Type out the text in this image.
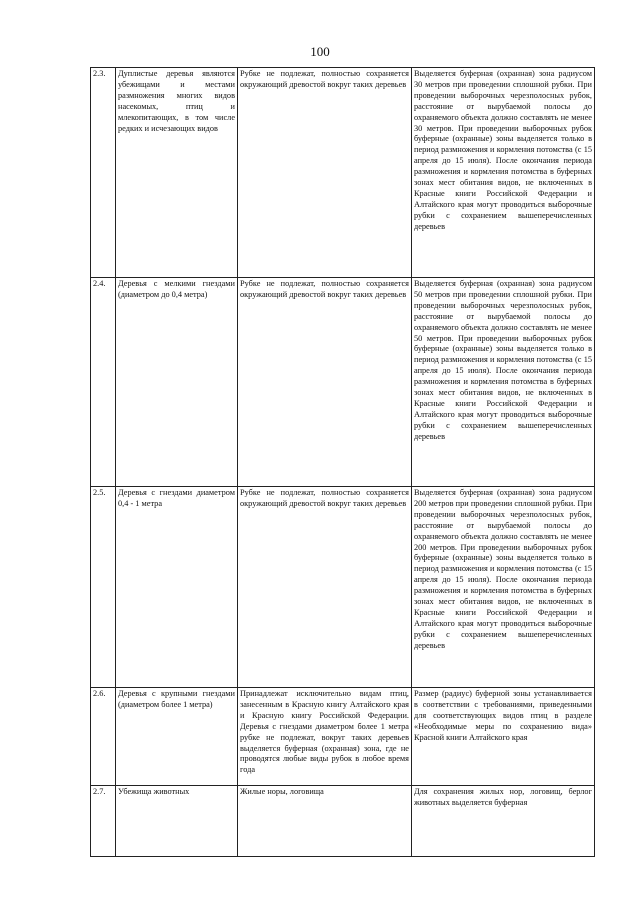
100
2.3.	Дуплистые деревья являются убежищами и местами размножения многих видов насекомых, птиц и млекопитающих, в том числе редких и исчезающих видов	Рубке не подлежат, полностью сохраняется окружающий древостой вокруг таких деревьев	Выделяется буферная (охранная) зона радиусом 30 метров при проведении сплошной рубки. При проведении выборочных черезполосных рубок, расстояние от вырубаемой полосы до охраняемого объекта должно составлять не менее 30 метров. При проведении выборочных рубок буферные (охранные) зоны выделяется только в период размножения и кормления потомства (с 15 апреля до 15 июля). После окончания периода размножения и кормления потомства в буферных зонах мест обитания видов, не включенных в Красные книги Российской Федерации и Алтайского края могут проводиться выборочные рубки с сохранением вышеперечисленных деревьев
2.4.	Деревья с мелкими гнездами (диаметром до 0,4 метра)	Рубке не подлежат, полностью сохраняется окружающий древостой вокруг таких деревьев	Выделяется буферная (охранная) зона радиусом 50 метров при проведении сплошной рубки. При проведении выборочных черезполосных рубок, расстояние от вырубаемой полосы до охраняемого объекта должно составлять не менее 50 метров. При проведении выборочных рубок буферные (охранные) зоны выделяется только в период размножения и кормления потомства (с 15 апреля до 15 июля). После окончания периода размножения и кормления потомства в буферных зонах мест обитания видов, не включенных в Красные книги Российской Федерации и Алтайского края могут проводиться выборочные рубки с сохранением вышеперечисленных деревьев
2.5.	Деревья с гнездами диаметром 0,4 - 1 метра	Рубке не подлежат, полностью сохраняется окружающий древостой вокруг таких деревьев	Выделяется буферная (охранная) зона радиусом 200 метров при проведении сплошной рубки. При проведении выборочных черезполосных рубок, расстояние от вырубаемой полосы до охраняемого объекта должно составлять не менее 200 метров. При проведении выборочных рубок буферные (охранные) зоны выделяется только в период размножения и кормления потомства (с 15 апреля до 15 июля). После окончания периода размножения и кормления потомства в буферных зонах мест обитания видов, не включенных в Красные книги Российской Федерации и Алтайского края могут проводиться выборочные рубки с сохранением вышеперечисленных деревьев
2.6.	Деревья с крупными гнездами (диаметром более 1 метра)	Принадлежат исключительно видам птиц, занесенным в Красную книгу Алтайского края и Красную книгу Российской Федерации. Деревья с гнездами диаметром более 1 метра рубке не подлежат, вокруг таких деревьев выделяется буферная (охранная) зона, где не проводятся любые виды рубок в любое время года	Размер (радиус) буферной зоны устанавливается в соответствии с требованиями, приведенными для соответствующих видов птиц в разделе «Необходимые меры по сохранению вида» Красной книги Алтайского края
2.7.	Убежища животных	Жилые норы, логовища	Для сохранения жилых нор, логовищ, берлог животных выделяется буферная
